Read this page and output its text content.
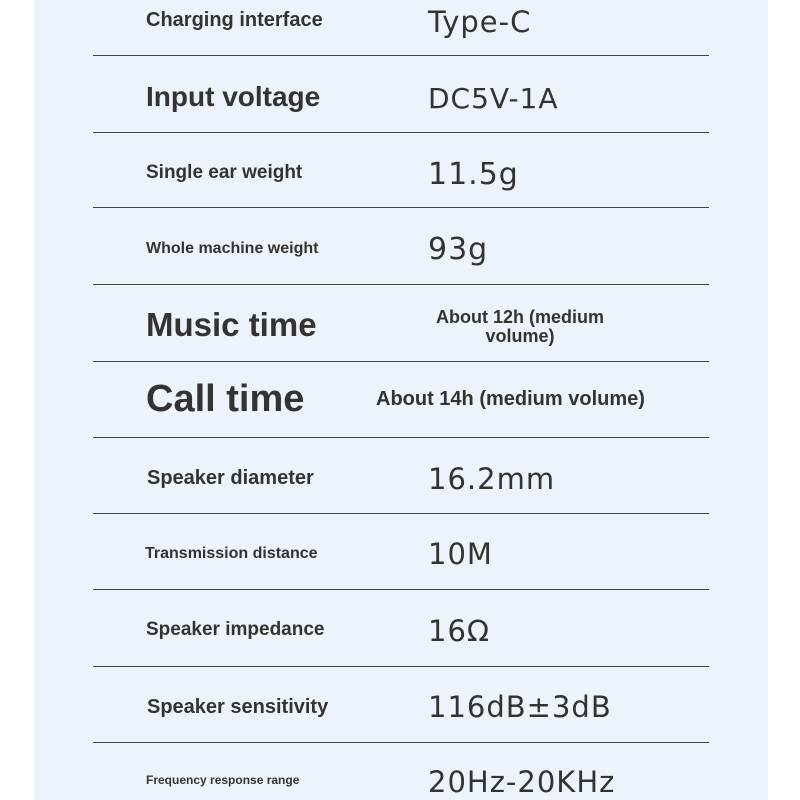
Charging interface	Type-C
Input voltage	DC5V-1A
Single ear weight	11.5g
Whole machine weight	93g
Music time	About 12h (medium volume)
Call time	About 14h (medium volume)
Speaker diameter	16.2mm
Transmission distance	10M
Speaker impedance	16Ω
Speaker sensitivity	116dB±3dB
Frequency response range	20Hz-20KHz
